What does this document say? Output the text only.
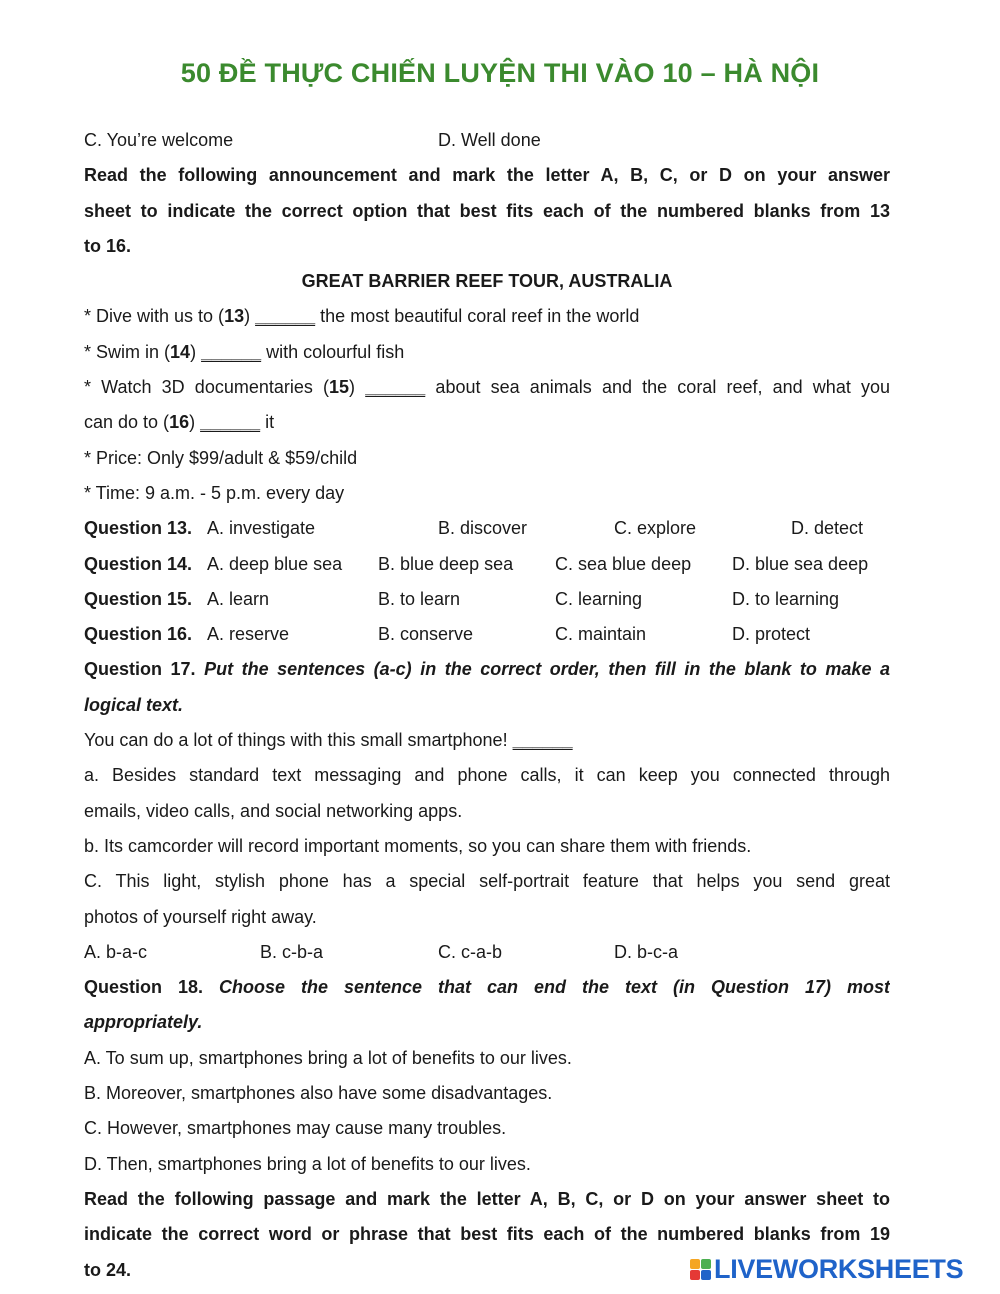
50 ĐỀ THỰC CHIẾN LUYỆN THI VÀO 10 – HÀ NỘI
C. You’re welcome	D. Well done
Read the following announcement and mark the letter A, B, C, or D on your answer
sheet to indicate the correct option that best fits each of the numbered blanks from 13
to 16.
GREAT BARRIER REEF TOUR, AUSTRALIA
* Dive with us to (13) ______ the most beautiful coral reef in the world
* Swim in (14) ______ with colourful fish
* Watch 3D documentaries (15) ______ about sea animals and the coral reef, and what you
can do to (16) ______ it
* Price: Only $99/adult & $59/child
* Time: 9 a.m. - 5 p.m. every day
Question 13. A. investigate	B. discover	C. explore	D. detect
Question 14. A. deep blue sea B. blue deep sea C. sea blue deep D. blue sea deep
Question 15. A. learn	B. to learn	C. learning	D. to learning
Question 16. A. reserve	B. conserve	C. maintain	D. protect
Question 17. Put the sentences (a-c) in the correct order, then fill in the blank to make a
logical text.
You can do a lot of things with this small smartphone! ______
a. Besides standard text messaging and phone calls, it can keep you connected through
emails, video calls, and social networking apps.
b. Its camcorder will record important moments, so you can share them with friends.
C. This light, stylish phone has a special self-portrait feature that helps you send great
photos of yourself right away.
A. b-a-c	B. c-b-a	C. c-a-b	D. b-c-a
Question 18. Choose the sentence that can end the text (in Question 17) most
appropriately.
A. To sum up, smartphones bring a lot of benefits to our lives.
B. Moreover, smartphones also have some disadvantages.
C. However, smartphones may cause many troubles.
D. Then, smartphones bring a lot of benefits to our lives.
Read the following passage and mark the letter A, B, C, or D on your answer sheet to
indicate the correct word or phrase that best fits each of the numbered blanks from 19
to 24.	LIVEWORKSHEETS
